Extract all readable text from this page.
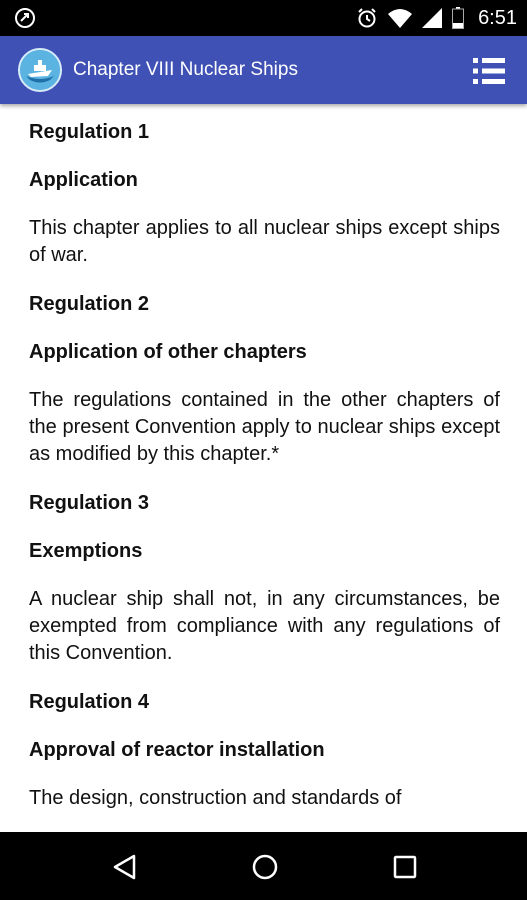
6:51
Chapter VIII Nuclear Ships
Regulation 1
Application
This chapter applies to all nuclear ships except ships of war.
Regulation 2
Application of other chapters
The regulations contained in the other chapters of the present Convention apply to nuclear ships except as modified by this chapter.*
Regulation 3
Exemptions
A nuclear ship shall not, in any circumstances, be exempted from compliance with any regulations of this Convention.
Regulation 4
Approval of reactor installation
The design, construction and standards of
